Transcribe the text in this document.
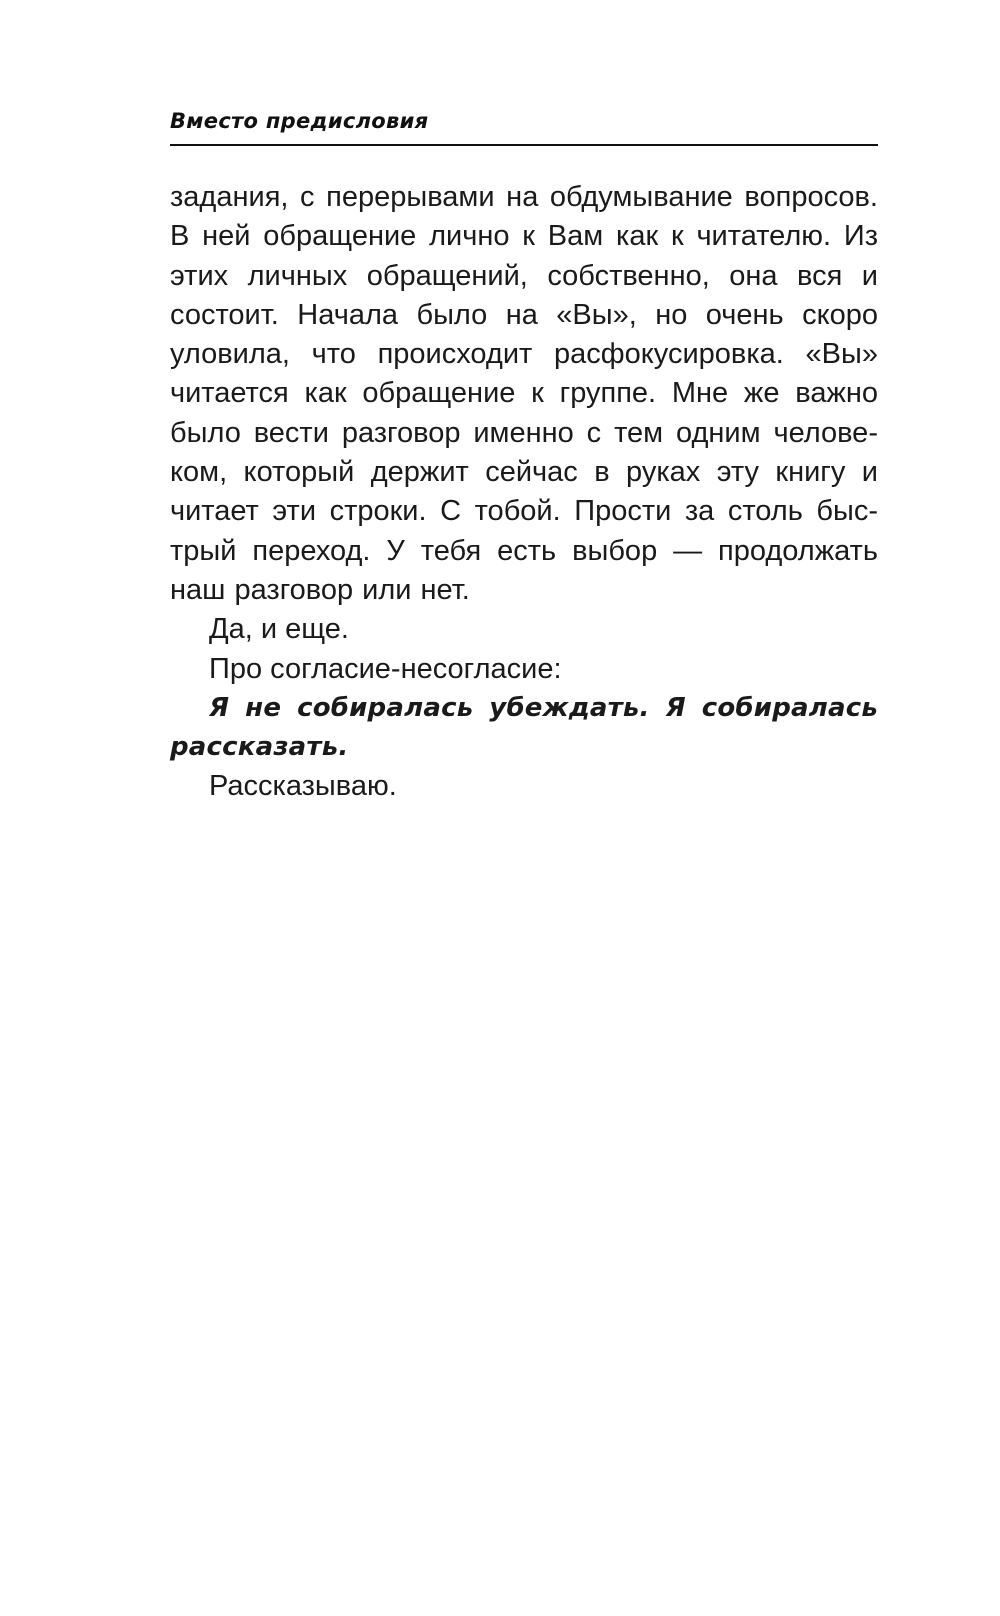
Вместо предисловия

задания, с перерывами на обдумывание вопросов. В ней обращение лично к Вам как к читателю. Из этих личных обращений, собственно, она вся и состоит. Начала было на «Вы», но очень скоро уловила, что происходит расфокусировка. «Вы» читается как обращение к группе. Мне же важно было вести разговор именно с тем одним человеком, который держит сейчас в руках эту книгу и читает эти строки. С тобой. Прости за столь быстрый переход. У тебя есть выбор — продолжать наш разговор или нет.

Да, и еще.

Про согласие-несогласие:

Я не собиралась убеждать. Я собиралась рассказать.

Рассказываю.
